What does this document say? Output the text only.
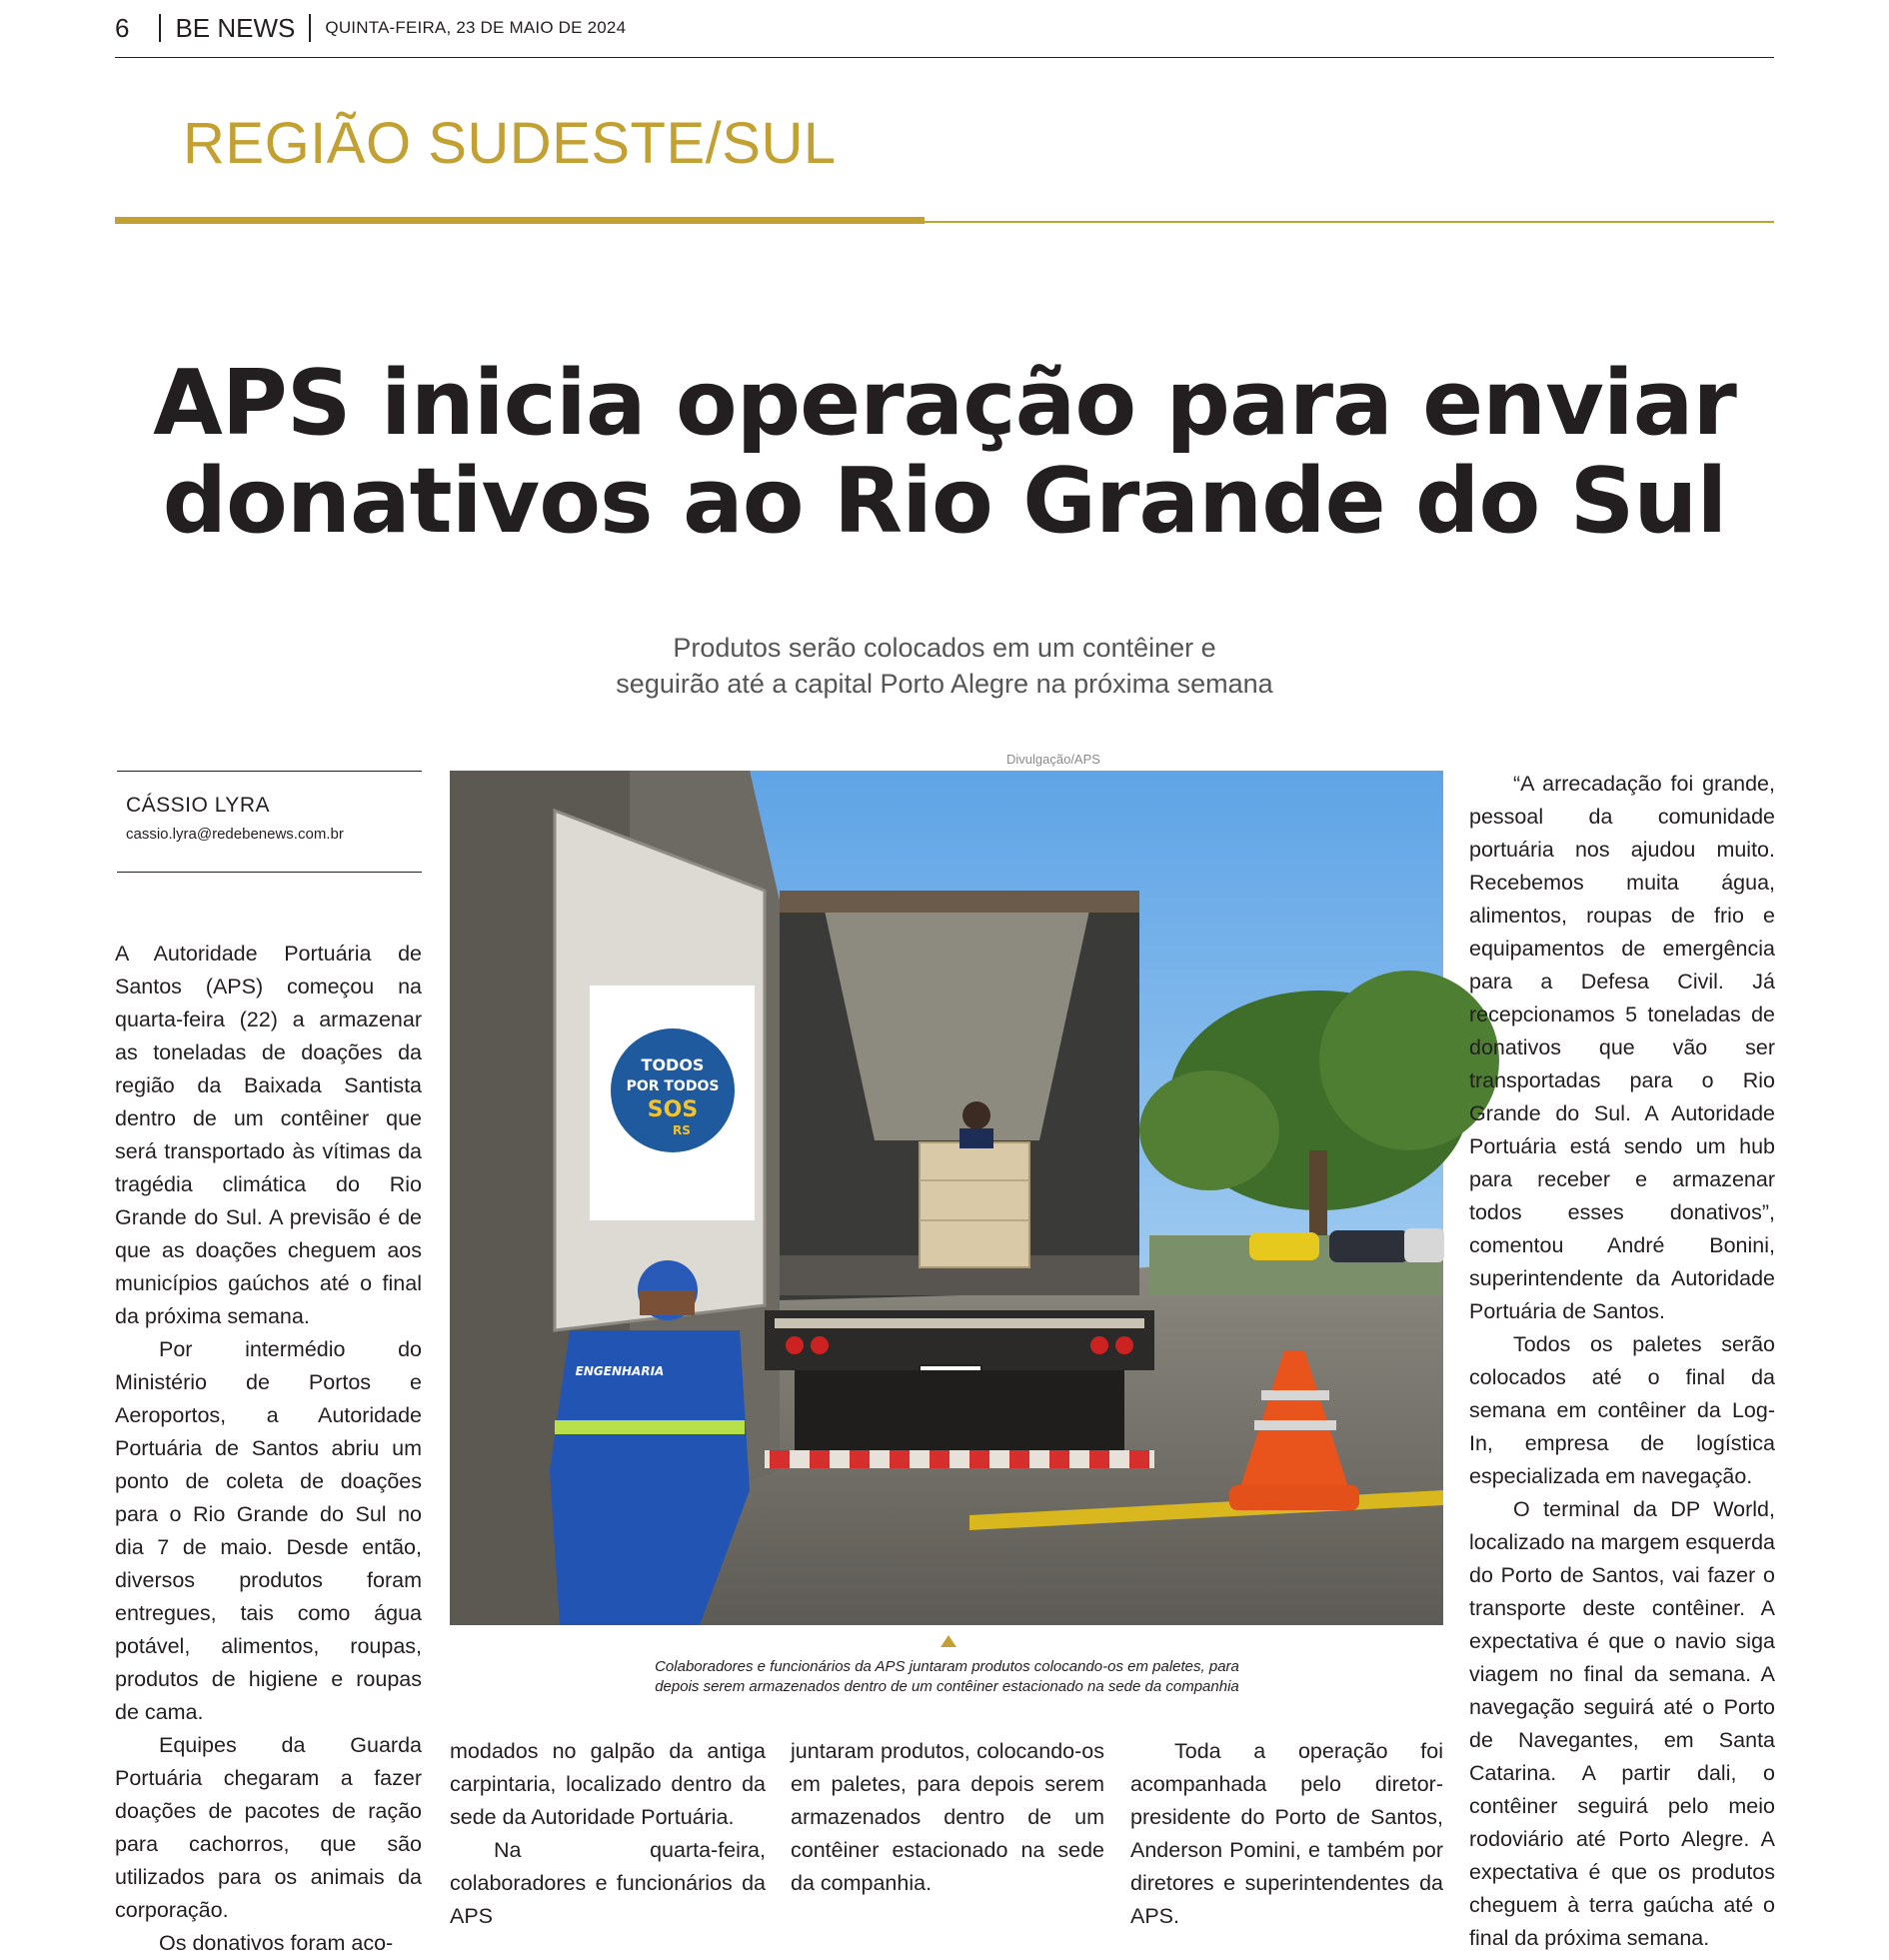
6 BE NEWS QUINTA-FEIRA, 23 DE MAIO DE 2024
REGIÃO SUDESTE/SUL
APS inicia operação para enviar
donativos ao Rio Grande do Sul
Produtos serão colocados em um contêiner e
seguirão até a capital Porto Alegre na próxima semana
CÁSSIO LYRA
cassio.lyra@redebenews.com.br

A Autoridade Portuária de Santos (APS) começou na quarta-feira (22) a armazenar as toneladas de doações da região da Baixada Santista dentro de um contêiner que será transportado às vítimas da tragédia climática do Rio Grande do Sul. A previsão é de que as doações cheguem aos municípios gaúchos até o final da próxima semana.

Por intermédio do Ministério de Portos e Aeroportos, a Autoridade Portuária de Santos abriu um ponto de coleta de doações para o Rio Grande do Sul no dia 7 de maio. Desde então, diversos produtos foram entregues, tais como água potável, alimentos, roupas, produtos de higiene e roupas de cama.

Equipes da Guarda Portuária chegaram a fazer doações de pacotes de ração para cachorros, que são utilizados para os animais da corporação.

Os donativos foram aco-

Divulgação/APS
TODOS
POR TODOS
SOS
RS
ENGENHARIA
Colaboradores e funcionários da APS juntaram produtos colocando-os em paletes, para
depois serem armazenados dentro de um contêiner estacionado na sede da companhia

modados no galpão da antiga carpintaria, localizado dentro da sede da Autoridade Portuária.

Na quarta-feira, colaboradores e funcionários da APS

juntaram produtos, colocando-os em paletes, para depois serem armazenados dentro de um contêiner estacionado na sede da companhia.

Toda a operação foi acompanhada pelo diretor-presidente do Porto de Santos, Anderson Pomini, e também por diretores e superintendentes da APS.

“A arrecadação foi grande, pessoal da comunidade portuária nos ajudou muito. Recebemos muita água, alimentos, roupas de frio e equipamentos de emergência para a Defesa Civil. Já recepcionamos 5 toneladas de donativos que vão ser transportadas para o Rio Grande do Sul. A Autoridade Portuária está sendo um hub para receber e armazenar todos esses donativos”, comentou André Bonini, superintendente da Autoridade Portuária de Santos.

Todos os paletes serão colocados até o final da semana em contêiner da Log-In, empresa de logística especializada em navegação.

O terminal da DP World, localizado na margem esquerda do Porto de Santos, vai fazer o transporte deste contêiner. A expectativa é que o navio siga viagem no final da semana. A navegação seguirá até o Porto de Navegantes, em Santa Catarina. A partir dali, o contêiner seguirá pelo meio rodoviário até Porto Alegre. A expectativa é que os produtos cheguem à terra gaúcha até o final da próxima semana.
